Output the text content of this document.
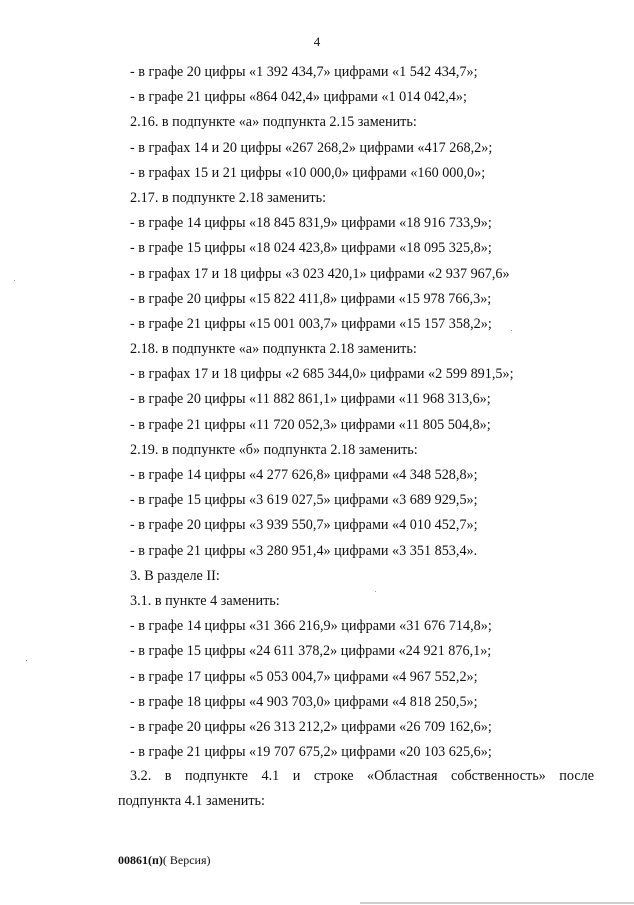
4
- в графе 20 цифры «1 392 434,7» цифрами «1 542 434,7»;
- в графе 21 цифры «864 042,4» цифрами «1 014 042,4»;
2.16. в подпункте «а» подпункта 2.15 заменить:
- в графах 14 и 20 цифры «267 268,2» цифрами «417 268,2»;
- в графах 15 и 21 цифры «10 000,0» цифрами «160 000,0»;
2.17. в подпункте 2.18 заменить:
- в графе 14 цифры «18 845 831,9» цифрами «18 916 733,9»;
- в графе 15 цифры «18 024 423,8» цифрами «18 095 325,8»;
- в графах 17 и 18 цифры «3 023 420,1» цифрами «2 937 967,6»
- в графе 20 цифры «15 822 411,8» цифрами «15 978 766,3»;
- в графе 21 цифры «15 001 003,7» цифрами «15 157 358,2»;
2.18. в подпункте «а» подпункта 2.18 заменить:
- в графах 17 и 18 цифры «2 685 344,0» цифрами «2 599 891,5»;
- в графе 20 цифры «11 882 861,1» цифрами «11 968 313,6»;
- в графе 21 цифры «11 720 052,3» цифрами «11 805 504,8»;
2.19. в подпункте «б» подпункта 2.18 заменить:
- в графе 14 цифры «4 277 626,8» цифрами «4 348 528,8»;
- в графе 15 цифры «3 619 027,5» цифрами «3 689 929,5»;
- в графе 20 цифры «3 939 550,7» цифрами «4 010 452,7»;
- в графе 21 цифры «3 280 951,4» цифрами «3 351 853,4».
3. В разделе II:
3.1. в пункте 4 заменить:
- в графе 14 цифры «31 366 216,9» цифрами «31 676 714,8»;
- в графе 15 цифры «24 611 378,2» цифрами «24 921 876,1»;
- в графе 17 цифры «5 053 004,7» цифрами «4 967 552,2»;
- в графе 18 цифры «4 903 703,0» цифрами «4 818 250,5»;
- в графе 20 цифры «26 313 212,2» цифрами «26 709 162,6»;
- в графе 21 цифры «19 707 675,2» цифрами «20 103 625,6»;
3.2. в подпункте 4.1 и строке «Областная собственность» после
подпункта 4.1 заменить:
00861(п)( Версия)
